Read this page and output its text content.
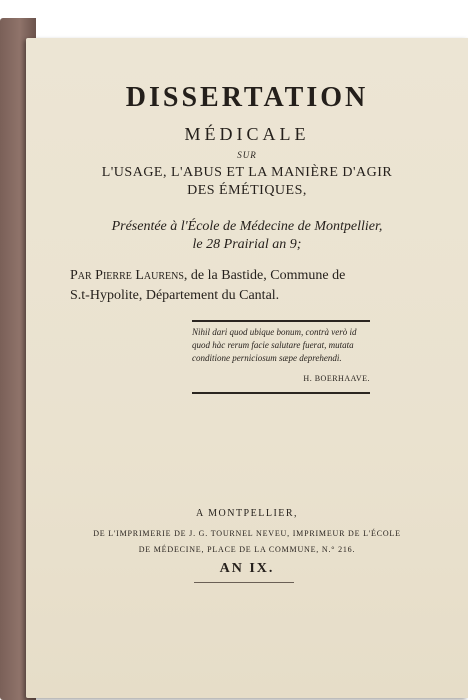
DISSERTATION
MÉDICALE
SUR
L'USAGE, L'ABUS ET LA MANIÈRE D'AGIR
DES ÉMÉTIQUES,
Présentée à l'École de Médecine de Montpellier,
le 28 Prairial an 9;
Par Pierre Laurens, de la Bastide, Commune de
S.t-Hypolite, Département du Cantal.
Nihil dari quod ubique bonum, contrà verò id quod hàc rerum facie salutare fuerat, mutata conditione perniciosum sæpe deprehendi.
H. BOERHAAVE.
A MONTPELLIER,
DE L'IMPRIMERIE DE J. G. TOURNEL NEVEU, IMPRIMEUR DE L'ÉCOLE
DE MÉDECINE, PLACE DE LA COMMUNE, N.° 216.
AN IX.
